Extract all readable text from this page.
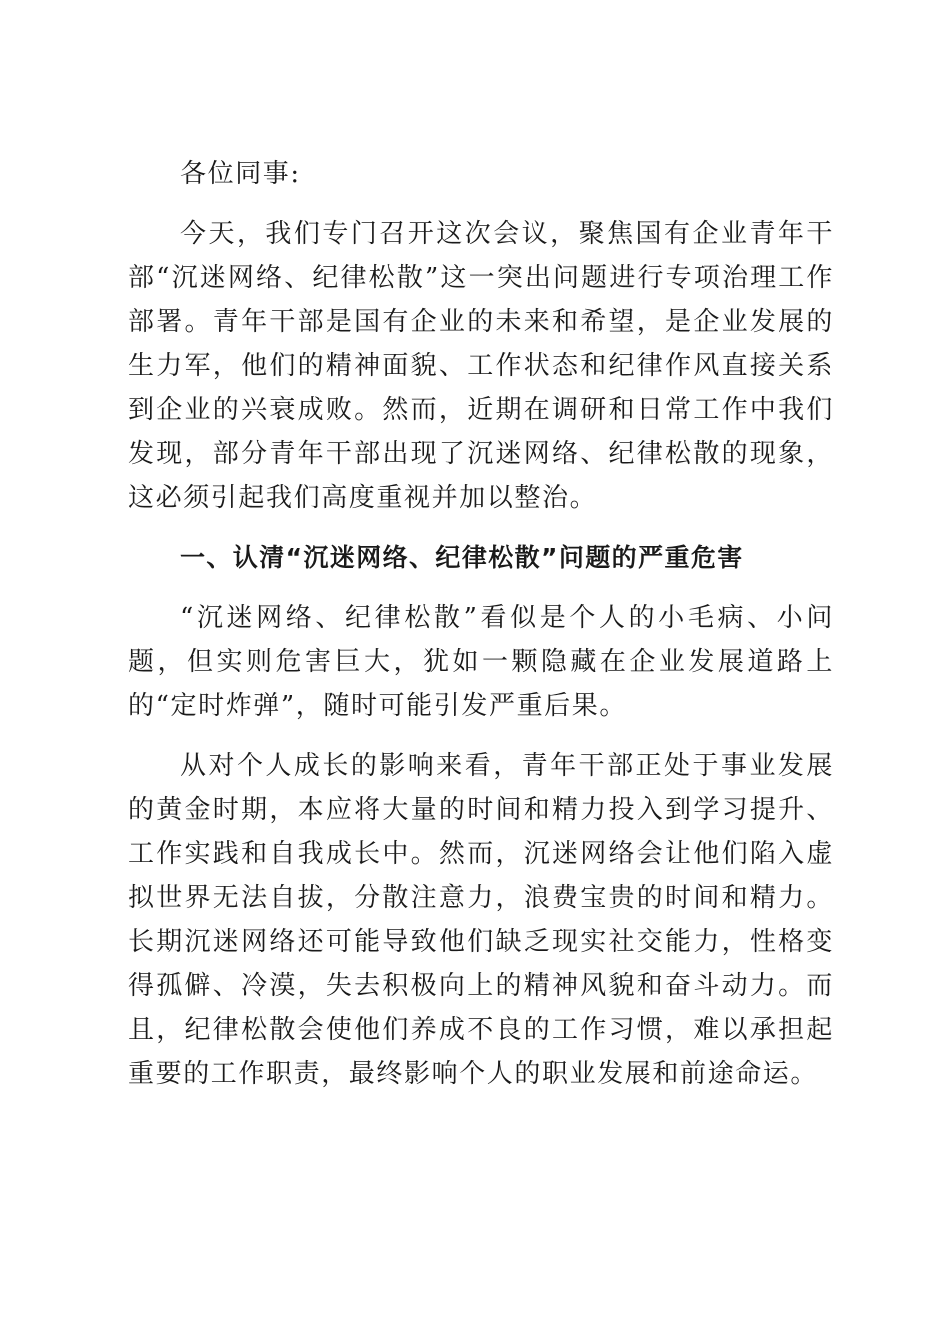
各位同事:

今天，我们专门召开这次会议，聚焦国有企业青年干部“沉迷网络、纪律松散”这一突出问题进行专项治理工作部署。青年干部是国有企业的未来和希望，是企业发展的生力军，他们的精神面貌、工作状态和纪律作风直接关系到企业的兴衰成败。然而，近期在调研和日常工作中我们发现，部分青年干部出现了沉迷网络、纪律松散的现象，这必须引起我们高度重视并加以整治。

一、认清“沉迷网络、纪律松散”问题的严重危害

“沉迷网络、纪律松散”看似是个人的小毛病、小问题，但实则危害巨大，犹如一颗隐藏在企业发展道路上的“定时炸弹”，随时可能引发严重后果。

从对个人成长的影响来看，青年干部正处于事业发展的黄金时期，本应将大量的时间和精力投入到学习提升、工作实践和自我成长中。然而，沉迷网络会让他们陷入虚拟世界无法自拔，分散注意力，浪费宝贵的时间和精力。长期沉迷网络还可能导致他们缺乏现实社交能力，性格变得孤僻、冷漠，失去积极向上的精神风貌和奋斗动力。而且，纪律松散会使他们养成不良的工作习惯，难以承担起重要的工作职责，最终影响个人的职业发展和前途命运。
